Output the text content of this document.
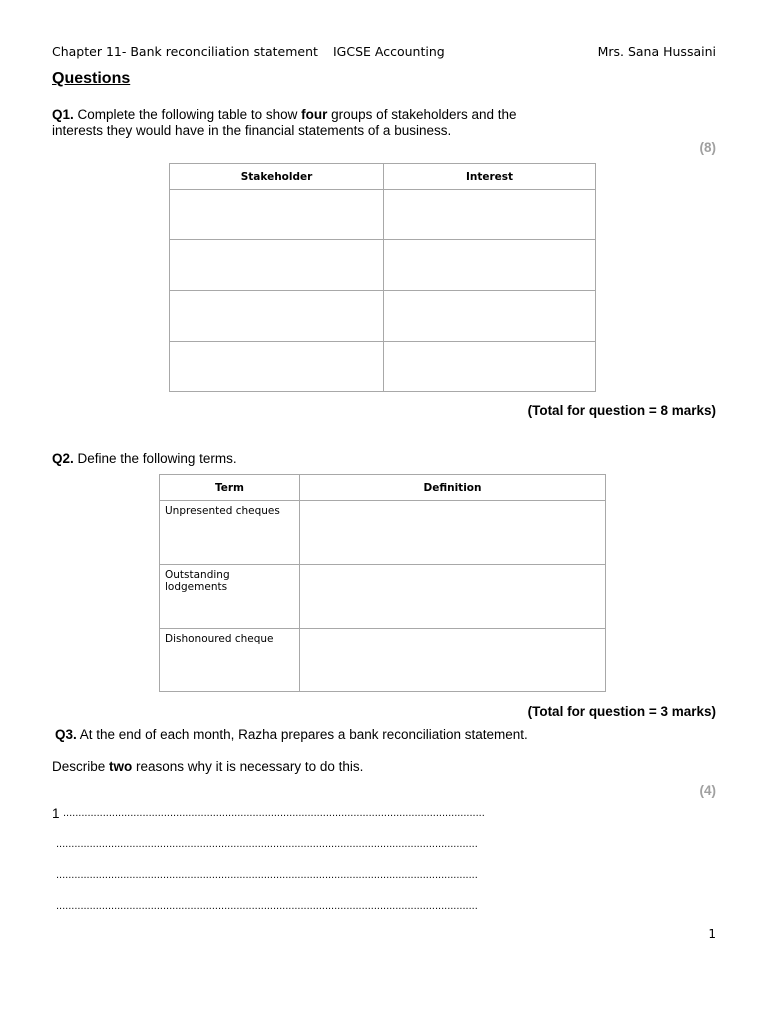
Chapter 11- Bank reconciliation statement IGCSE Accounting	Mrs. Sana Hussaini
Questions
Q1. Complete the following table to show four groups of stakeholders and the
interests they would have in the financial statements of a business.
(8)
Stakeholder	Interest

(Total for question = 8 marks)
Q2. Define the following terms.
Term	Definition
Unpresented cheques	
Outstanding lodgements	
Dishonoured cheque	
(Total for question = 3 marks)
Q3. At the end of each month, Razha prepares a bank reconciliation statement.
Describe two reasons why it is necessary to do this.
(4)
1 ..........................................................................................................................................
..........................................................................................................................................
..........................................................................................................................................
..........................................................................................................................................
1
